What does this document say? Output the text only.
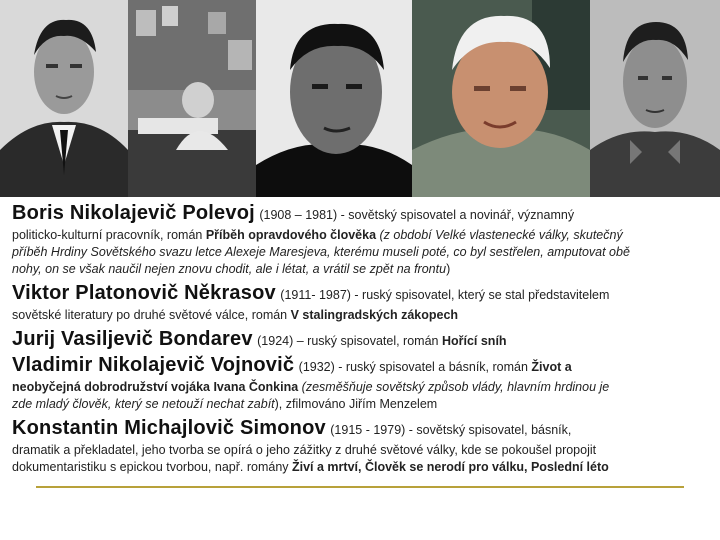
Boris Nikolajevič Polevoj (1908 – 1981) - sovětský spisovatel a novinář, významný
politicko-kulturní pracovník, román Příběh opravdového člověka (z období Velké vlastenecké války, skutečný
příběh Hrdiny Sovětského svazu letce Alexeje Maresjeva, kterému museli poté, co byl sestřelen, amputovat obě
nohy, on se však naučil nejen znovu chodit, ale i létat, a vrátil se zpět na frontu)
Viktor Platonovič Někrasov (1911- 1987) - ruský spisovatel, který se stal představitelem
sovětské literatury po druhé světové válce, román V stalingradských zákopech
Jurij Vasiljevič Bondarev (1924) – ruský spisovatel, román Hořící sníh
Vladimir Nikolajevič Vojnovič (1932) - ruský spisovatel a básník, román Život a
neobyčejná dobrodružství vojáka Ivana Čonkina (zesměšňuje sovětský způsob vlády, hlavním hrdinou je
zde mladý člověk, který se netouží nechat zabít), zfilmováno Jiřím Menzelem
Konstantin Michajlovič Simonov (1915 - 1979) - sovětský spisovatel, básník,
dramatik a překladatel, jeho tvorba se opírá o jeho zážitky z druhé světové války, kde se pokoušel propojit
dokumentaristiku s epickou tvorbou, např. romány Živí a mrtví, Člověk se nerodí pro válku, Poslední léto
